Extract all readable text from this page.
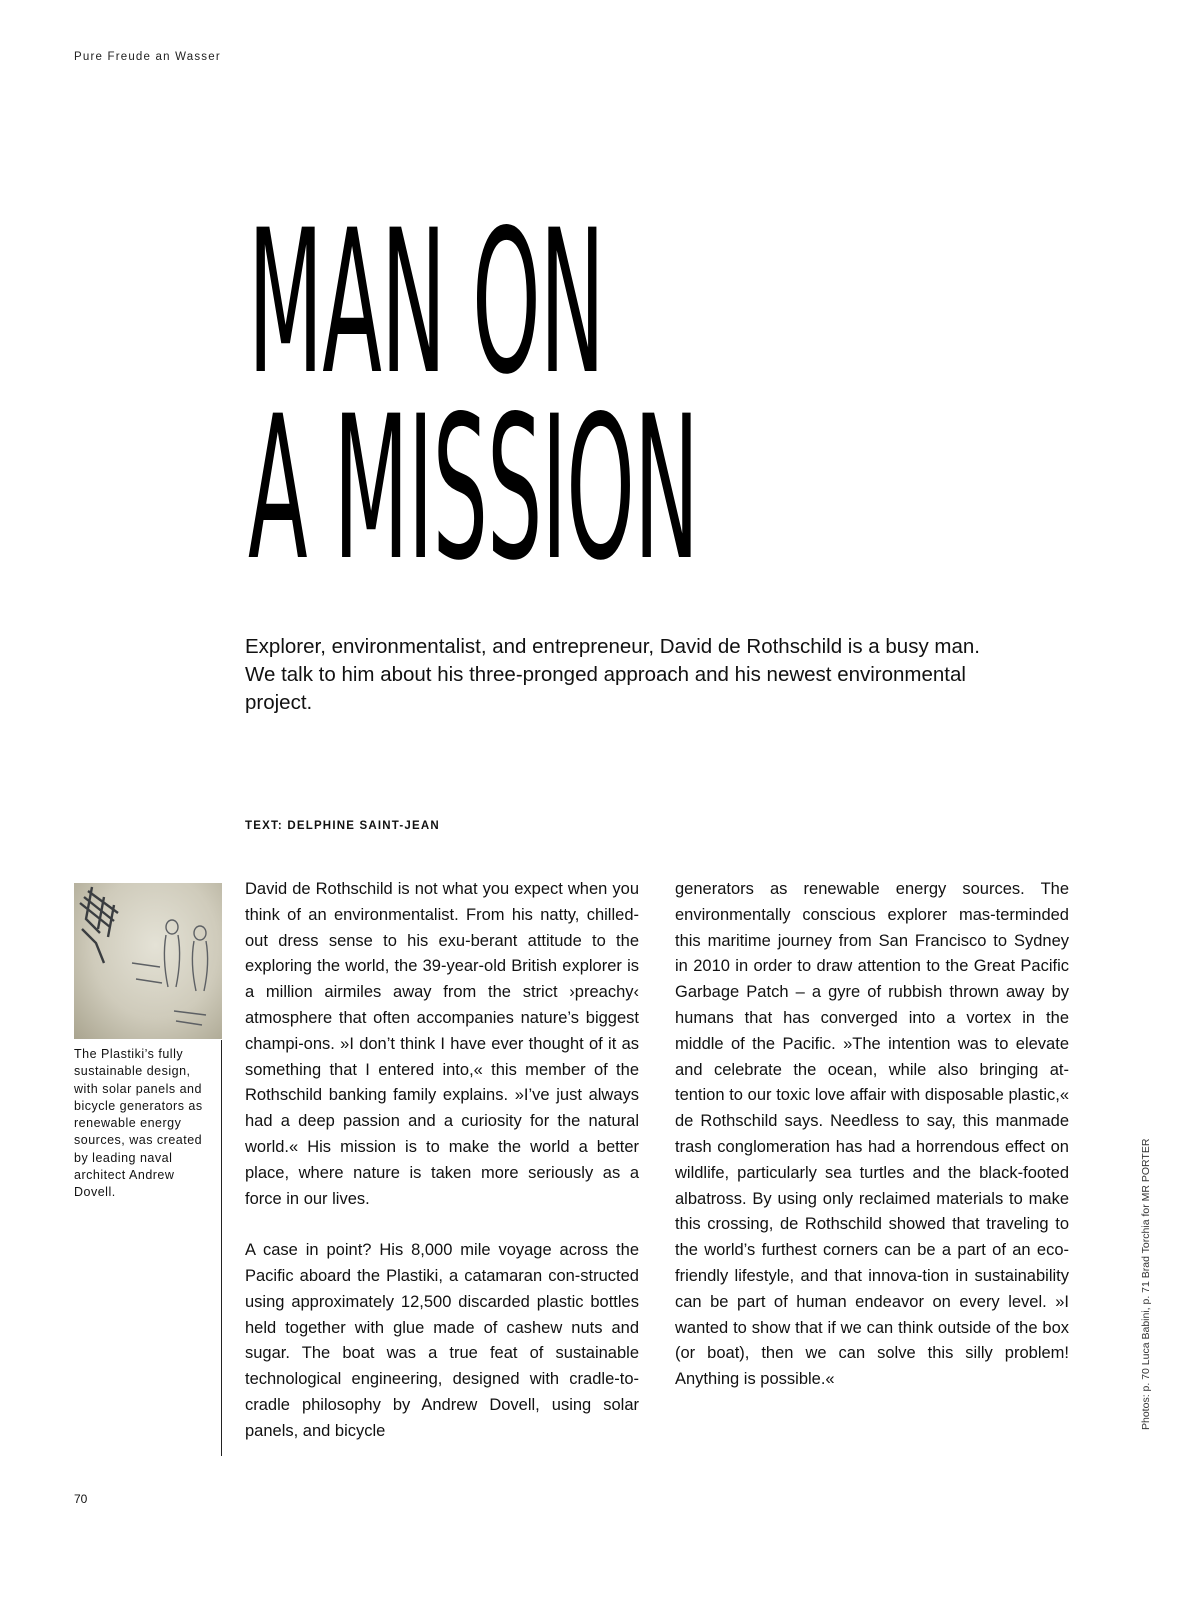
Pure Freude an Wasser
MAN ON
A MISSION

Explorer, environmentalist, and entrepreneur, David de Rothschild is a busy man. We talk to him about his three-pronged approach and his newest environmental project.

TEXT: DELPHINE SAINT-JEAN
The Plastiki’s fully sustainable design, with solar panels and bicycle generators as renewable energy sources, was created by leading naval architect Andrew Dovell.

David de Rothschild is not what you expect when you think of an environmentalist. From his natty, chilled-out dress sense to his exu-berant attitude to the exploring the world, the 39-year-old British explorer is a million airmiles away from the strict ›preachy‹ atmosphere that often accompanies nature’s biggest champi-ons. »I don’t think I have ever thought of it as something that I entered into,« this member of the Rothschild banking family explains. »I’ve just always had a deep passion and a curiosity for the natural world.« His mission is to make the world a better place, where nature is taken more seriously as a force in our lives.

A case in point? His 8,000 mile voyage across the Pacific aboard the Plastiki, a catamaran con-structed using approximately 12,500 discarded plastic bottles held together with glue made of cashew nuts and sugar. The boat was a true feat of sustainable technological engineering, designed with cradle-to-cradle philosophy by Andrew Dovell, using solar panels, and bicycle

generators as renewable energy sources. The environmentally conscious explorer mas-terminded this maritime journey from San Francisco to Sydney in 2010 in order to draw attention to the Great Pacific Garbage Patch – a gyre of rubbish thrown away by humans that has converged into a vortex in the middle of the Pacific. »The intention was to elevate and celebrate the ocean, while also bringing at-tention to our toxic love affair with disposable plastic,« de Rothschild says. Needless to say, this manmade trash conglomeration has had a horrendous effect on wildlife, particularly sea turtles and the black-footed albatross. By using only reclaimed materials to make this crossing, de Rothschild showed that traveling to the world’s furthest corners can be a part of an eco-friendly lifestyle, and that innova-tion in sustainability can be part of human endeavor on every level. »I wanted to show that if we can think outside of the box (or boat), then we can solve this silly problem! Anything is possible.«	Photos: p. 70 Luca Babini, p. 71 Brad Torchia for MR PORTER
70
